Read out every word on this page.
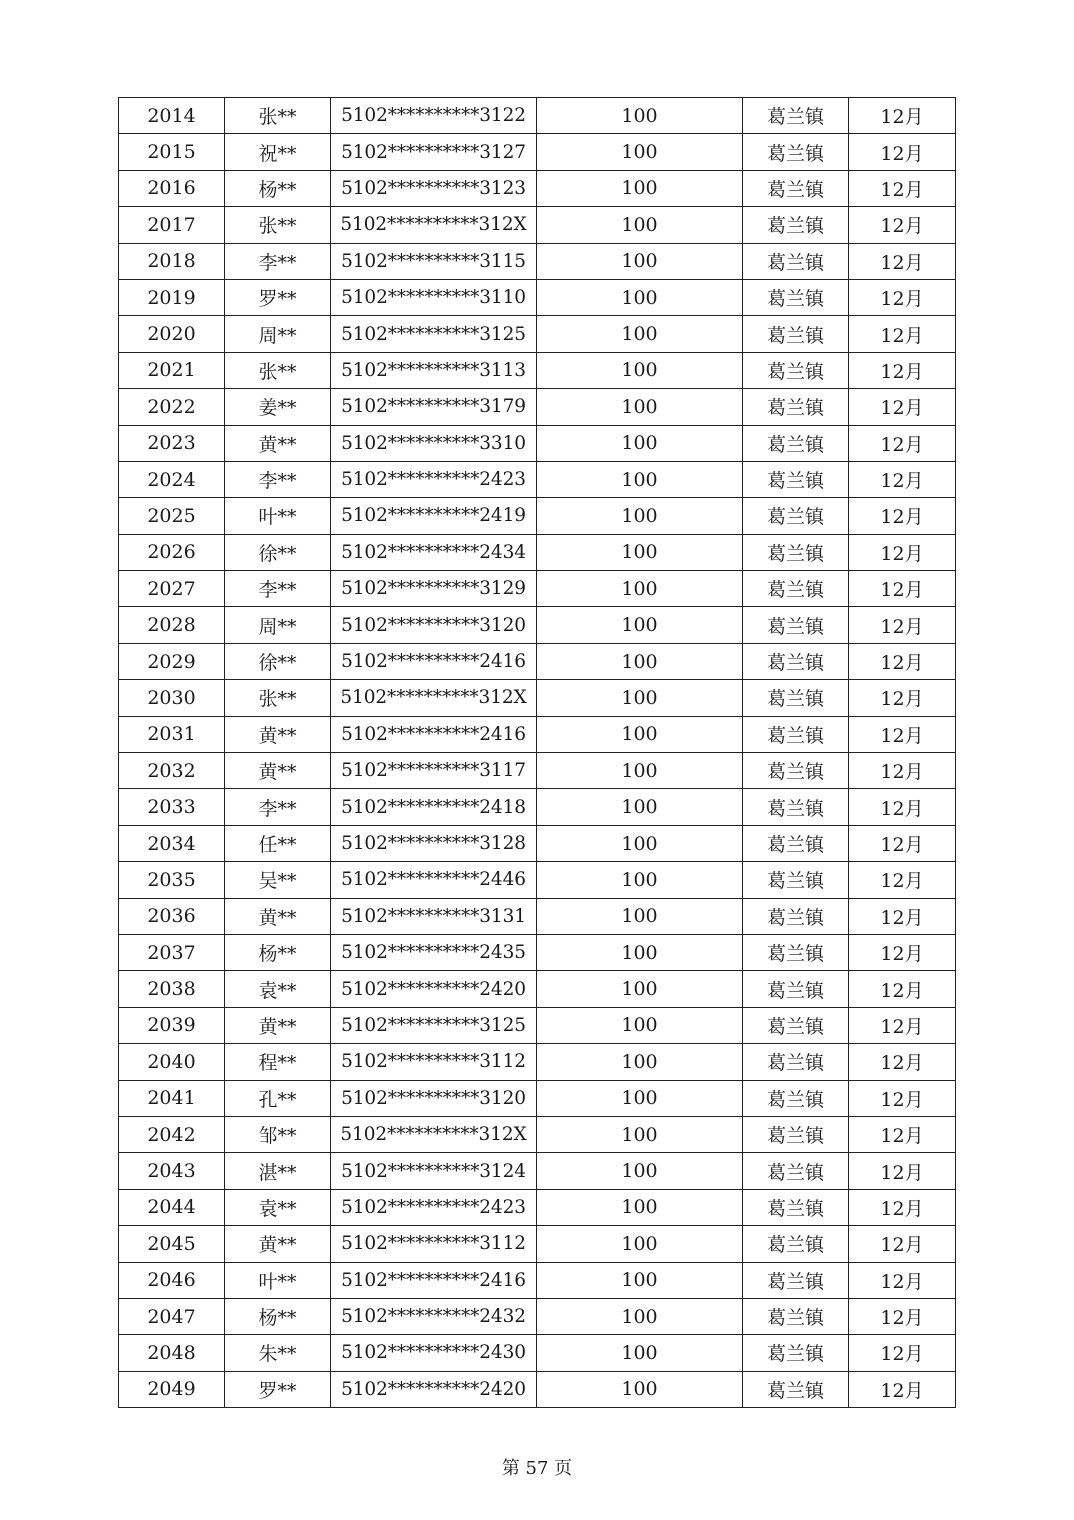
2014	张**	5102**********3122	100	葛兰镇	12月
2015	祝**	5102**********3127	100	葛兰镇	12月
2016	杨**	5102**********3123	100	葛兰镇	12月
2017	张**	5102**********312X	100	葛兰镇	12月
2018	李**	5102**********3115	100	葛兰镇	12月
2019	罗**	5102**********3110	100	葛兰镇	12月
2020	周**	5102**********3125	100	葛兰镇	12月
2021	张**	5102**********3113	100	葛兰镇	12月
2022	姜**	5102**********3179	100	葛兰镇	12月
2023	黄**	5102**********3310	100	葛兰镇	12月
2024	李**	5102**********2423	100	葛兰镇	12月
2025	叶**	5102**********2419	100	葛兰镇	12月
2026	徐**	5102**********2434	100	葛兰镇	12月
2027	李**	5102**********3129	100	葛兰镇	12月
2028	周**	5102**********3120	100	葛兰镇	12月
2029	徐**	5102**********2416	100	葛兰镇	12月
2030	张**	5102**********312X	100	葛兰镇	12月
2031	黄**	5102**********2416	100	葛兰镇	12月
2032	黄**	5102**********3117	100	葛兰镇	12月
2033	李**	5102**********2418	100	葛兰镇	12月
2034	任**	5102**********3128	100	葛兰镇	12月
2035	吴**	5102**********2446	100	葛兰镇	12月
2036	黄**	5102**********3131	100	葛兰镇	12月
2037	杨**	5102**********2435	100	葛兰镇	12月
2038	袁**	5102**********2420	100	葛兰镇	12月
2039	黄**	5102**********3125	100	葛兰镇	12月
2040	程**	5102**********3112	100	葛兰镇	12月
2041	孔**	5102**********3120	100	葛兰镇	12月
2042	邹**	5102**********312X	100	葛兰镇	12月
2043	湛**	5102**********3124	100	葛兰镇	12月
2044	袁**	5102**********2423	100	葛兰镇	12月
2045	黄**	5102**********3112	100	葛兰镇	12月
2046	叶**	5102**********2416	100	葛兰镇	12月
2047	杨**	5102**********2432	100	葛兰镇	12月
2048	朱**	5102**********2430	100	葛兰镇	12月
2049	罗**	5102**********2420	100	葛兰镇	12月
第 57 页
